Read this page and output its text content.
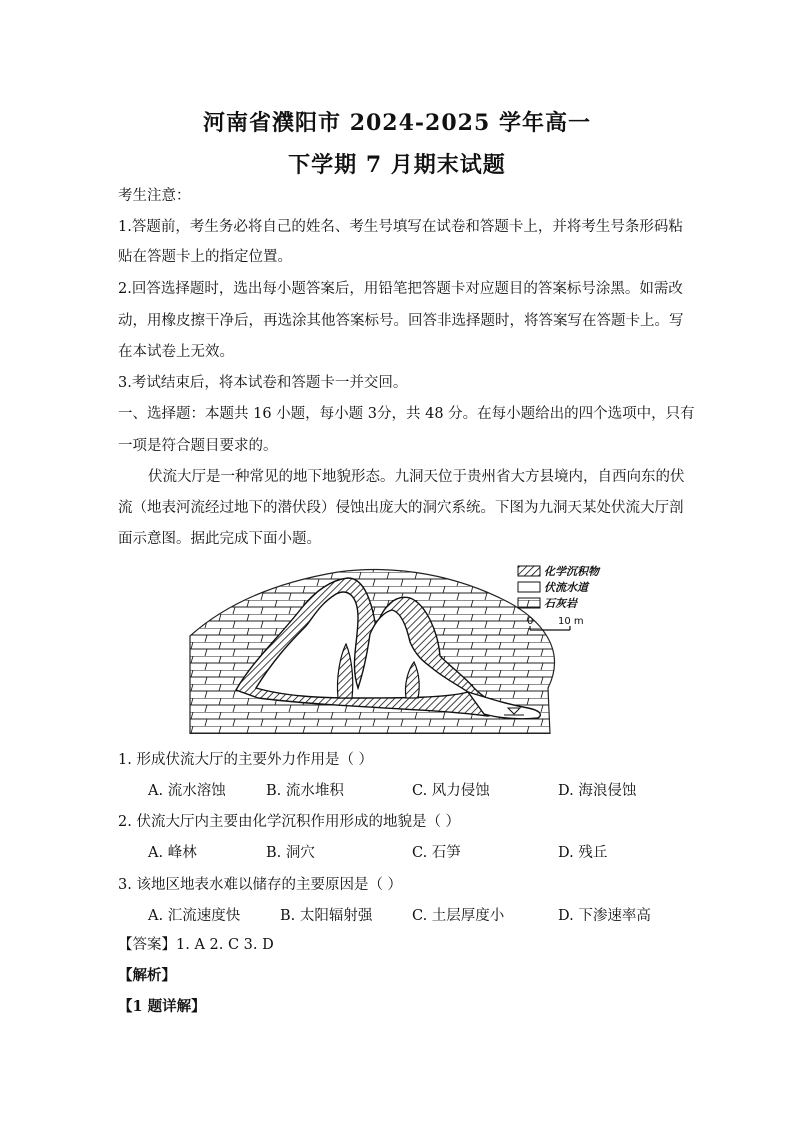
河南省濮阳市 2024-2025 学年高一
下学期 7 月期末试题
考生注意：
1.答题前，考生务必将自己的姓名、考生号填写在试卷和答题卡上，并将考生号条形码粘
贴在答题卡上的指定位置。
2.回答选择题时，选出每小题答案后，用铅笔把答题卡对应题目的答案标号涂黑。如需改
动，用橡皮擦干净后，再选涂其他答案标号。回答非选择题时，将答案写在答题卡上。写
在本试卷上无效。
3.考试结束后，将本试卷和答题卡一并交回。
一、选择题：本题共 16 小题，每小题 3分，共 48 分。在每小题给出的四个选项中，只有
一项是符合题目要求的。
伏流大厅是一种常见的地下地貌形态。九洞天位于贵州省大方县境内，自西向东的伏
流（地表河流经过地下的潜伏段）侵蚀出庞大的洞穴系统。下图为九洞天某处伏流大厅剖
面示意图。据此完成下面小题。
化学沉积物
伏流水道
石灰岩
0 10 m
1. 形成伏流大厅的主要外力作用是（ ）
A. 流水溶蚀	B. 流水堆积	C. 风力侵蚀	D. 海浪侵蚀
2. 伏流大厅内主要由化学沉积作用形成的地貌是（ ）
A. 峰林	B. 洞穴	C. 石笋	D. 残丘
3. 该地区地表水难以储存的主要原因是（ ）
A. 汇流速度快	B. 太阳辐射强	C. 土层厚度小	D. 下渗速率高
【答案】1. A 2. C 3. D
【解析】
【1 题详解】
